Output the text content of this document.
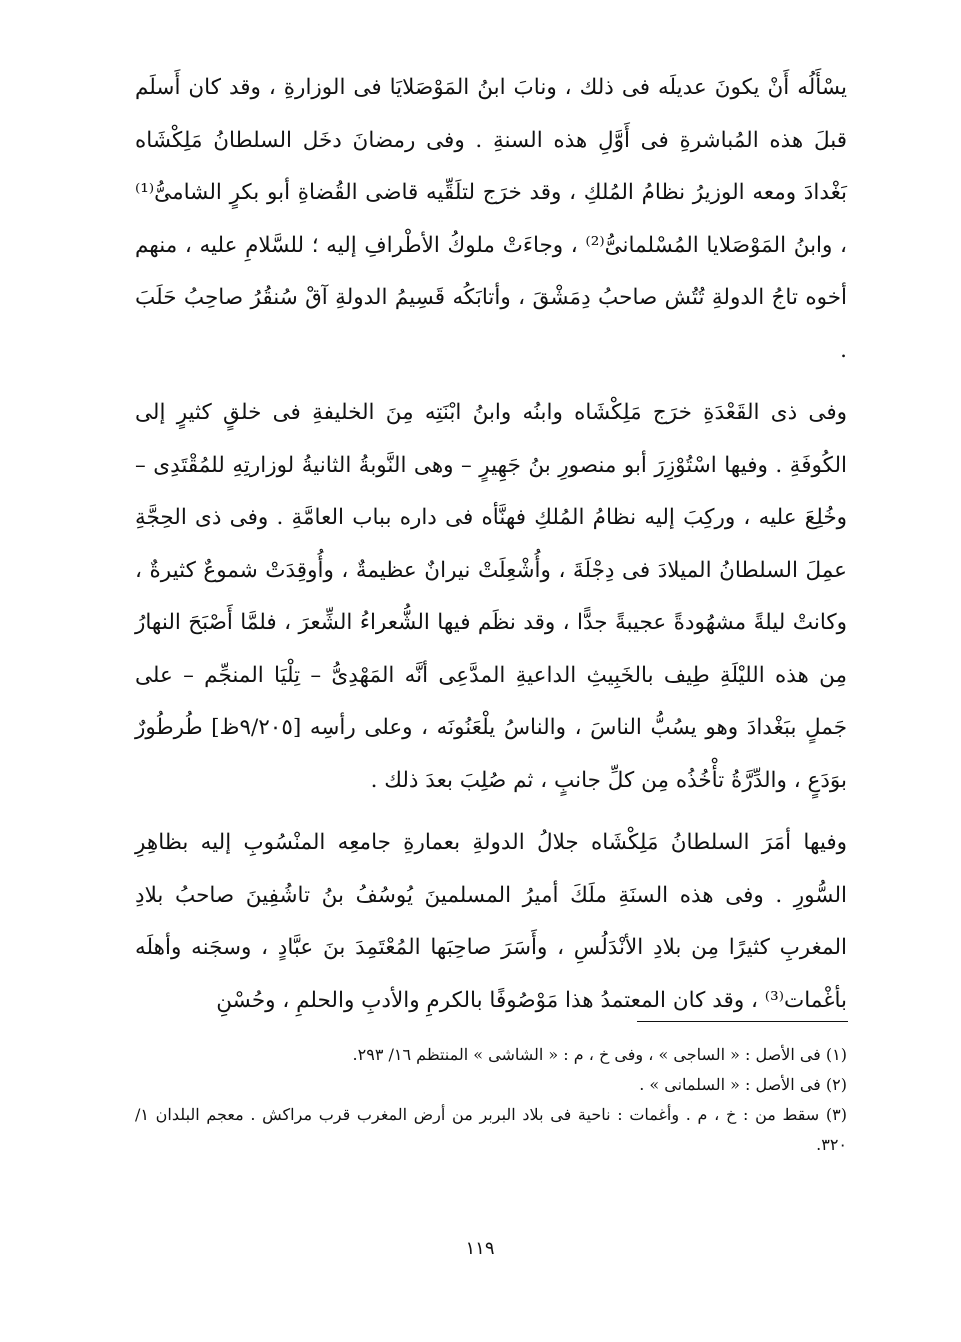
يسْأَلُه أَنْ يكونَ عديلَه فى ذلك ، ونابَ ابنُ المَوْصَلايَا فى الوزارةِ ، وقد كان أَسلَم قبلَ هذه المُباشرةِ فى أَوَّلِ هذه السنةِ . وفى رمضانَ دخَل السلطانُ مَلِكْشَاه بَغْدادَ ومعه الوزيرُ نظامُ المُلكِ ، وقد خرَج لتلَقِّيه قاضى القُضاةِ أبو بكرٍ الشامىُّ⁽¹⁾ ، وابنُ المَوْصَلايا المُسْلمانىُّ⁽²⁾ ، وجاءَتْ ملوكُ الأطْرافِ إليه ؛ للسَّلامِ عليه ، منهم أخوه تاجُ الدولةِ تُتُش صاحبُ دِمَشْقَ ، وأتابَكُه قَسِيمُ الدولةِ آقْ سُنقُرُ صاحِبُ حَلَبَ .

وفى ذى القَعْدَةِ خرَج مَلِكْشَاه وابنُه وابنُ ابْنَتِه مِنَ الخليفةِ فى خلقٍ كثيرٍ إلى الكُوفَةِ . وفيها اسْتُوْزِرَ أبو منصورِ بنُ جَهِيرٍ – وهى النَّوبةُ الثانيةُ لوزارتِهِ للمُقْتَدِى – وخُلِعَ عليه ، وركِبَ إليه نظامُ المُلكِ فهنَّأه فى داره بباب العامَّةِ . وفى ذى الحِجَّةِ عمِلَ السلطانُ الميلادَ فى دِجْلَةَ ، وأُشْعِلَتْ نيرانٌ عظيمةٌ ، وأُوقِدَتْ شموعٌ كثيرةٌ ، وكانتْ ليلةً مشهُودةً عجيبةً جدًّا ، وقد نظَم فيها الشُّعراءُ الشِّعرَ ، فلمَّا أَصْبَحَ النهارُ مِن هذه الليْلَةِ طِيف بالخَبِيثِ الداعيةِ المدَّعِى أنَّه المَهْدِىُّ – تِلْيَا المنجِّم – على جَملٍ ببَغْدادَ وهو يسُبُّ الناسَ ، والناسُ يلْعَنُونَه ، وعلى رأسِه [٩/٢٠٥ظ] طُرطُورٌ بوَدَعٍ ، والدِّرَّةُ تأْخُذُه مِن كلِّ جانبٍ ، ثم صُلِبَ بعدَ ذلك .

وفيها أمَرَ السلطانُ مَلِكْشَاه جلالُ الدولةِ بعمارةِ جامعِه المنْسُوبِ إليه بظاهِرِ السُّورِ . وفى هذه السنَةِ ملَكَ أميرُ المسلمينَ يُوسُفُ بنُ تاشُفِينَ صاحبُ بلادِ المغربِ كثيرًا مِن بلادِ الأنْدَلُسِ ، وأَسَرَ صاحِبَها المُعْتَمِدَ بنَ عبَّادٍ ، وسجَنه وأهلَه بأغْمات⁽³⁾ ، وقد كان المعتمدُ هذا مَوْصُوفًا بالكرمِ والأدبِ والحلمِ ، وحُسْنِ

(١) فى الأصل : « الساجى » ، وفى خ ، م : « الشاشى » المنتظم ١٦/ ٢٩٣.

(٢) فى الأصل : « السلمانى » .

(٣) سقط من : خ ، م . وأغمات : ناحية فى بلاد البربر من أرض المغرب قرب مراكش . معجم البلدان ١/ ٣٢٠.

١١٩
